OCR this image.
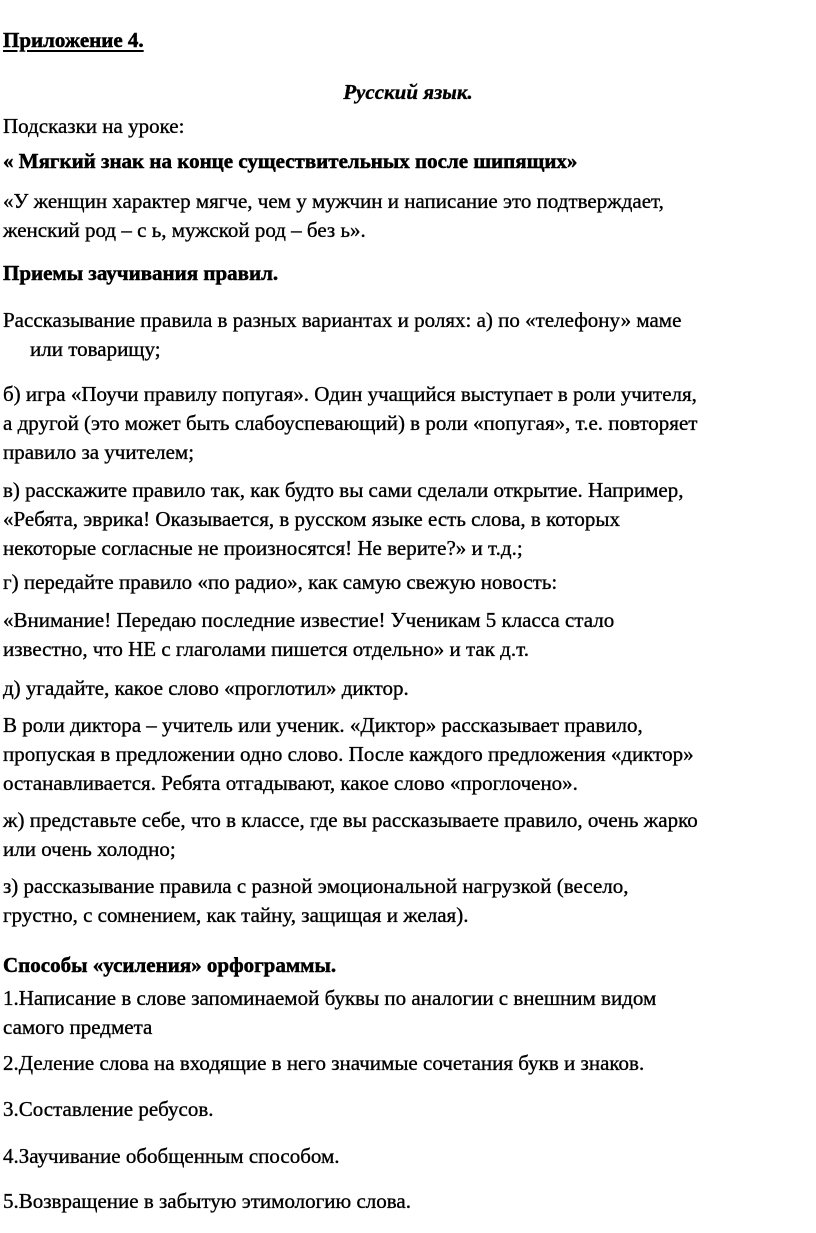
Приложение 4.
Русский язык.
Подсказки на уроке:
« Мягкий знак на конце существительных после шипящих»
«У женщин характер мягче, чем у мужчин и написание это подтверждает,
женский род – с ь, мужской род – без ь».
Приемы заучивания правил.
Рассказывание правила в разных вариантах и ролях: а) по «телефону» маме
или товарищу;
б) игра «Поучи правилу попугая». Один учащийся выступает в роли учителя,
а другой (это может быть слабоуспевающий) в роли «попугая», т.е. повторяет
правило за учителем;
в) расскажите правило так, как будто вы сами сделали открытие. Например,
«Ребята, эврика! Оказывается, в русском языке есть слова, в которых
некоторые согласные не произносятся! Не верите?» и т.д.;
г) передайте правило «по радио», как самую свежую новость:
«Внимание! Передаю последние известие! Ученикам 5 класса стало
известно, что НЕ с глаголами пишется отдельно» и так д.т.
д) угадайте, какое слово «проглотил» диктор.
В роли диктора – учитель или ученик. «Диктор» рассказывает правило,
пропуская в предложении одно слово. После каждого предложения «диктор»
останавливается. Ребята отгадывают, какое слово «проглочено».
ж) представьте себе, что в классе, где вы рассказываете правило, очень жарко
или очень холодно;
з) рассказывание правила с разной эмоциональной нагрузкой (весело,
грустно, с сомнением, как тайну, защищая и желая).
Способы «усиления» орфограммы.
1.Написание в слове запоминаемой буквы по аналогии с внешним видом
самого предмета
2.Деление слова на входящие в него значимые сочетания букв и знаков.
3.Составление ребусов.
4.Заучивание обобщенным способом.
5.Возвращение в забытую этимологию слова.
